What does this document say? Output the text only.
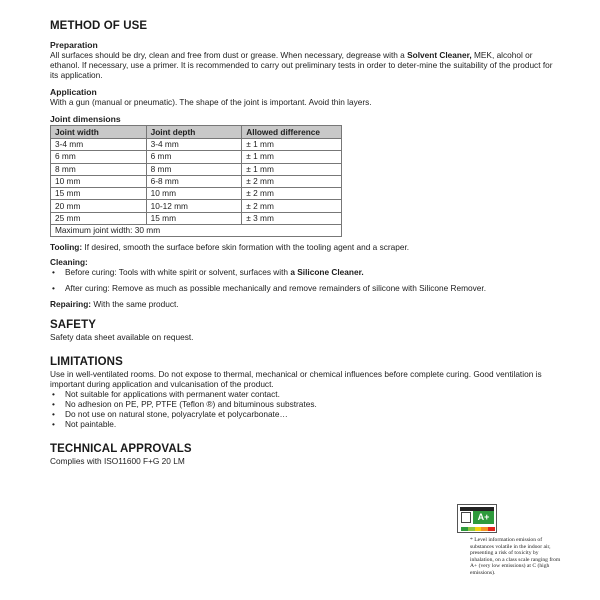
METHOD OF USE
Preparation

All surfaces should be dry, clean and free from dust or grease. When necessary, degrease with a Solvent Cleaner, MEK, alcohol or ethanol. If necessary, use a primer. It is recommended to carry out preliminary tests in order to deter-mine the suitability of the product for its application.

Application

With a gun (manual or pneumatic). The shape of the joint is important. Avoid thin layers.

Joint dimensions
Joint width	Joint depth	Allowed difference
3-4 mm	3-4 mm	± 1 mm
6 mm	6 mm	± 1 mm
8 mm	8 mm	± 1 mm
10 mm	6-8 mm	± 2 mm
15 mm	10 mm	± 2 mm
20 mm	10-12 mm	± 2 mm
25 mm	15 mm	± 3 mm
Maximum joint width: 30 mm		

Tooling: If desired, smooth the surface before skin formation with the tooling agent and a scraper.

Cleaning:

• Before curing: Tools with white spirit or solvent, surfaces with a Silicone Cleaner.
• After curing: Remove as much as possible mechanically and remove remainders of silicone with Silicone Remover.

Repairing: With the same product.

SAFETY

Safety data sheet available on request.

LIMITATIONS

Use in well-ventilated rooms. Do not expose to thermal, mechanical or chemical influences before complete curing. Good ventilation is important during application and vulcanisation of the product.

• Not suitable for applications with permanent water contact.
• No adhesion on PE, PP, PTFE (Teflon ®) and bituminous substrates.
• Do not use on natural stone, polyacrylate et polycarbonate…
• Not paintable.
TECHNICAL APPROVALS

Complies with ISO11600 F+G 20 LM

A+
* Level information emission of substances volatile in the indoor air, presenting a risk of toxicity by inhalation, on a class scale ranging from A+ (very low emissions) at C (high emissions).
